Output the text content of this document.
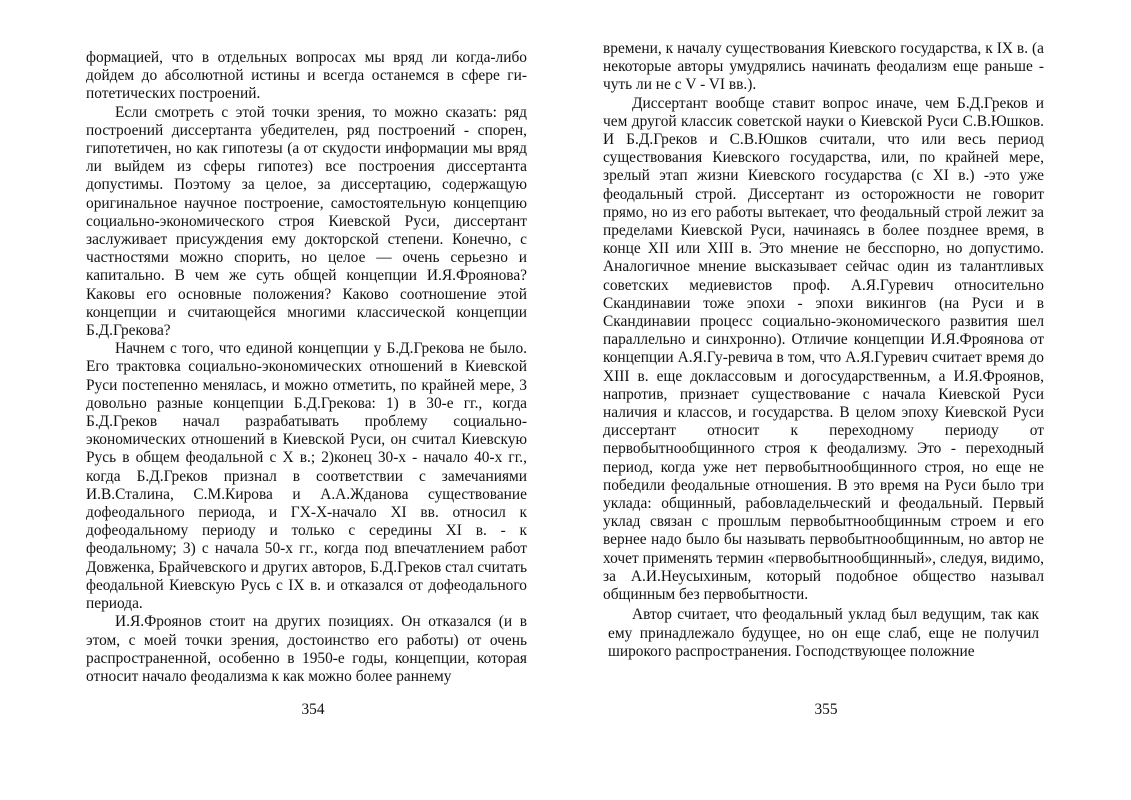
формацией, что в отдельных вопросах мы вряд ли когда-либо дойдем до абсолютной истины и всегда останемся в сфере гипотетических построений.

Если смотреть с этой точки зрения, то можно сказать: ряд построений диссертанта убедителен, ряд построений - спорен, гипотетичен, но как гипотезы (а от скудости информации мы вряд ли выйдем из сферы гипотез) все построения диссертанта допустимы. Поэтому за целое, за диссертацию, содержащую оригинальное научное построение, самостоятельную концепцию социально-экономического строя Киевской Руси, диссертант заслуживает присуждения ему докторской степени. Конечно, с частностями можно спорить, но целое — очень серьезно и капитально. В чем же суть общей концепции И.Я.Фроянова? Каковы его основные положения? Каково соотношение этой концепции и считающейся многими классической концепции Б.Д.Грекова?

Начнем с того, что единой концепции у Б.Д.Грекова не было. Его трактовка социально-экономических отношений в Киевской Руси постепенно менялась, и можно отметить, по крайней мере, 3 довольно разные концепции Б.Д.Грекова: 1) в 30-е гг., когда Б.Д.Греков начал разрабатывать проблему социально-экономических отношений в Киевской Руси, он считал Киевскую Русь в общем феодальной с X в.; 2)конец 30-х - начало 40-х гг., когда Б.Д.Греков признал в соответствии с замечаниями И.В.Сталина, С.М.Кирова и А.А.Жданова существование дофеодального периода, и ГХ-Х-начало XI вв. относил к дофеодальному периоду и только с середины XI в. - к феодальному; 3) с начала 50-х гг., когда под впечатлением работ Довженка, Брайчевского и других авторов, Б.Д.Греков стал считать феодальной Киевскую Русь с IX в. и отказался от дофеодального периода.

И.Я.Фроянов стоит на других позициях. Он отказался (и в этом, с моей точки зрения, достоинство его работы) от очень распространенной, особенно в 1950-е годы, концепции, которая относит начало феодализма к как можно более раннему

354

времени, к началу существования Киевского государства, к IX в. (а некоторые авторы умудрялись начинать феодализм еще раньше - чуть ли не с V - VI вв.).

Диссертант вообще ставит вопрос иначе, чем Б.Д.Греков и чем другой классик советской науки о Киевской Руси С.В.Юшков. И Б.Д.Греков и С.В.Юшков считали, что или весь период существования Киевского государства, или, по крайней мере, зрелый этап жизни Киевского государства (с XI в.) -это уже феодальный строй. Диссертант из осторожности не говорит прямо, но из его работы вытекает, что феодальный строй лежит за пределами Киевской Руси, начинаясь в более позднее время, в конце XII или XIII в. Это мнение не бесспорно, но допустимо. Аналогичное мнение высказывает сейчас один из талантливых советских медиевистов проф. А.Я.Гуревич относительно Скандинавии тоже эпохи - эпохи викингов (на Руси и в Скандинавии процесс социально-экономического развития шел параллельно и синхронно). Отличие концепции И.Я.Фроянова от концепции А.Я.Гу-ревича в том, что А.Я.Гуревич считает время до XIII в. еще доклассовым и догосударственньм, а И.Я.Фроянов, напротив, признает существование с начала Киевской Руси наличия и классов, и государства. В целом эпоху Киевской Руси диссертант относит к переходному периоду от первобытнообщинного строя к феодализму. Это - переходный период, когда уже нет первобытнообщинного строя, но еще не победили феодальные отношения. В это время на Руси было три уклада: общинный, рабовладельческий и феодальный. Первый уклад связан с прошлым первобытнообщинным строем и его вернее надо было бы называть первобытнообщинным, но автор не хочет применять термин «первобытнообщинный», следуя, видимо, за А.И.Неусыхиным, который подобное общество называл общинным без первобытности.

Автор считает, что феодальный уклад был ведущим, так как ему принадлежало будущее, но он еще слаб, еще не получил широкого распространения. Господствующее положние

355
